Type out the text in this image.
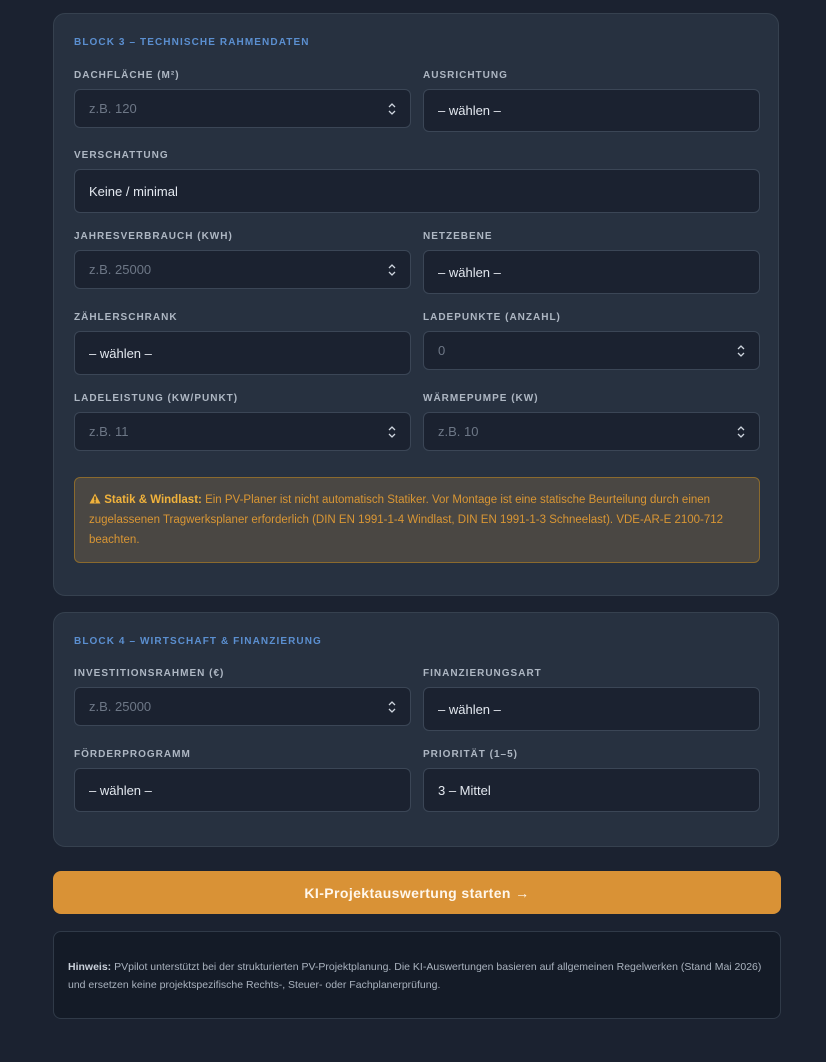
BLOCK 3 – TECHNISCHE RAHMENDATEN
DACHFLÄCHE (M²)
z.B. 120
AUSRICHTUNG
– wählen –
VERSCHATTUNG
Keine / minimal
JAHRESVERBRAUCH (KWH)
z.B. 25000
NETZEBENE
– wählen –
ZÄHLERSCHRANK
– wählen –
LADEPUNKTE (ANZAHL)
0
LADELEISTUNG (KW/PUNKT)
z.B. 11
WÄRMEPUMPE (KW)
z.B. 10
Statik & Windlast: Ein PV-Planer ist nicht automatisch Statiker. Vor Montage ist eine statische Beurteilung durch einen zugelassenen Tragwerksplaner erforderlich (DIN EN 1991-1-4 Windlast, DIN EN 1991-1-3 Schneelast). VDE-AR-E 2100-712 beachten.
BLOCK 4 – WIRTSCHAFT & FINANZIERUNG
INVESTITIONSRAHMEN (€)
z.B. 25000
FINANZIERUNGSART
– wählen –
FÖRDERPROGRAMM
– wählen –
PRIORITÄT (1–5)
3 – Mittel
KI-Projektauswertung starten →
Hinweis: PVpilot unterstützt bei der strukturierten PV-Projektplanung. Die KI-Auswertungen basieren auf allgemeinen Regelwerken (Stand Mai 2026) und ersetzen keine projektspezifische Rechts-, Steuer- oder Fachplanerprüfung.
